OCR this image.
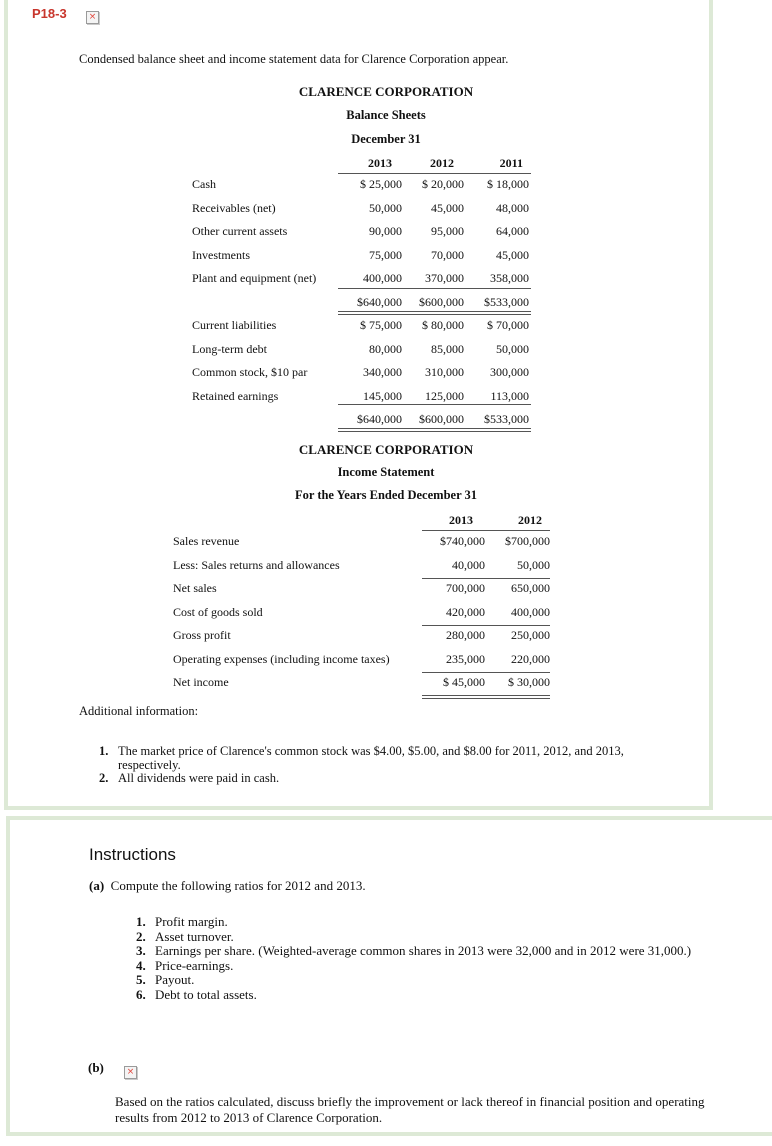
P18-3 ×
Condensed balance sheet and income statement data for Clarence Corporation appear.
CLARENCE CORPORATION
Balance Sheets
December 31
	2013	2012	2011
Cash	$ 25,000	$ 20,000	$ 18,000
Receivables (net)	50,000	45,000	48,000
Other current assets	90,000	95,000	64,000
Investments	75,000	70,000	45,000
Plant and equipment (net)	400,000	370,000	358,000
	$640,000	$600,000	$533,000
Current liabilities	$ 75,000	$ 80,000	$ 70,000
Long-term debt	80,000	85,000	50,000
Common stock, $10 par	340,000	310,000	300,000
Retained earnings	145,000	125,000	113,000
	$640,000	$600,000	$533,000
CLARENCE CORPORATION
Income Statement
For the Years Ended December 31
	2013	2012
Sales revenue	$740,000	$700,000
Less: Sales returns and allowances	40,000	50,000
Net sales	700,000	650,000
Cost of goods sold	420,000	400,000
Gross profit	280,000	250,000
Operating expenses (including income taxes)	235,000	220,000
Net income	$ 45,000	$ 30,000
Additional information:
1. The market price of Clarence's common stock was $4.00, $5.00, and $8.00 for 2011, 2012, and 2013, respectively.
2. All dividends were paid in cash.
Instructions
(a) Compute the following ratios for 2012 and 2013.
1. Profit margin.
2. Asset turnover.
3. Earnings per share. (Weighted-average common shares in 2013 were 32,000 and in 2012 were 31,000.)
4. Price-earnings.
5. Payout.
6. Debt to total assets.
(b)	×
Based on the ratios calculated, discuss briefly the improvement or lack thereof in financial position and operating results from 2012 to 2013 of Clarence Corporation.
